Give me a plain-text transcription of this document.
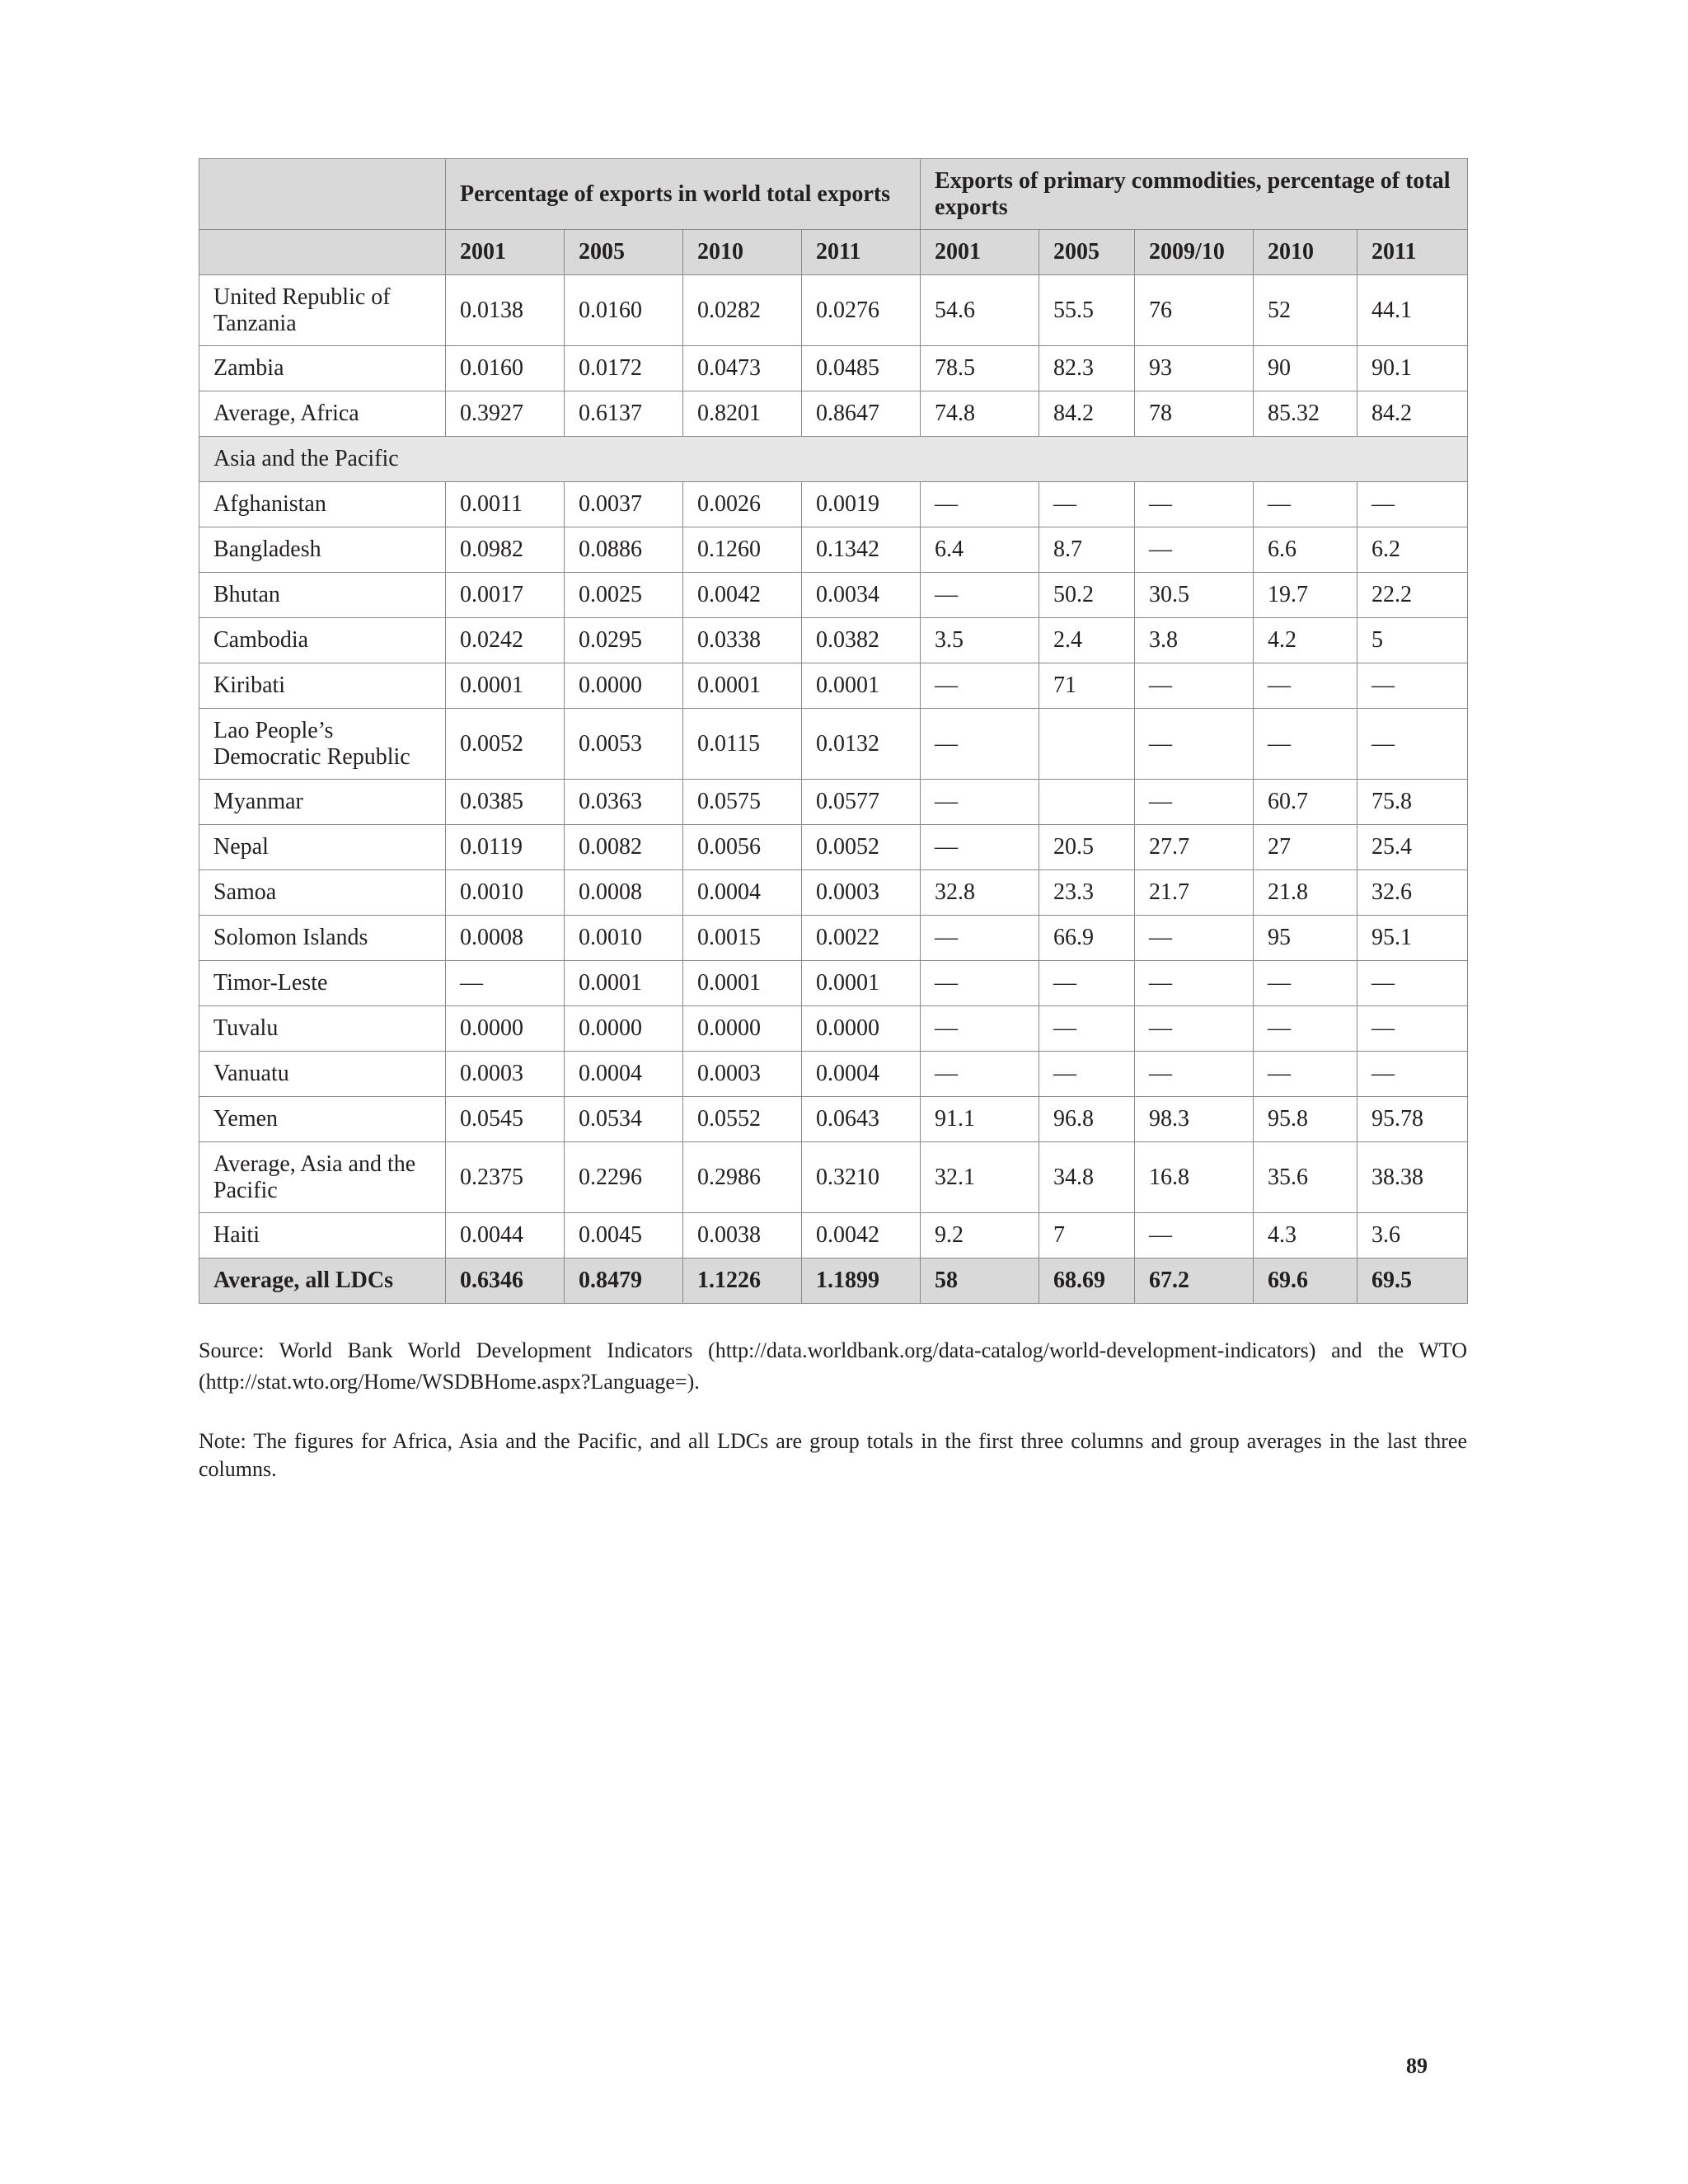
	Percentage of exports in world total exports				Exports of primary commodities, percentage of total exports				
	2001	2005	2010	2011	2001	2005	2009/10	2010	2011
United Republic of Tanzania	0.0138	0.0160	0.0282	0.0276	54.6	55.5	76	52	44.1
Zambia	0.0160	0.0172	0.0473	0.0485	78.5	82.3	93	90	90.1
Average, Africa	0.3927	0.6137	0.8201	0.8647	74.8	84.2	78	85.32	84.2
Asia and the Pacific									
Afghanistan	0.0011	0.0037	0.0026	0.0019	—	—	—	—	—
Bangladesh	0.0982	0.0886	0.1260	0.1342	6.4	8.7	—	6.6	6.2
Bhutan	0.0017	0.0025	0.0042	0.0034	—	50.2	30.5	19.7	22.2
Cambodia	0.0242	0.0295	0.0338	0.0382	3.5	2.4	3.8	4.2	5
Kiribati	0.0001	0.0000	0.0001	0.0001	—	71	—	—	—
Lao People’s Democratic Republic	0.0052	0.0053	0.0115	0.0132	—		—	—	—
Myanmar	0.0385	0.0363	0.0575	0.0577	—		—	60.7	75.8
Nepal	0.0119	0.0082	0.0056	0.0052	—	20.5	27.7	27	25.4
Samoa	0.0010	0.0008	0.0004	0.0003	32.8	23.3	21.7	21.8	32.6
Solomon Islands	0.0008	0.0010	0.0015	0.0022	—	66.9	—	95	95.1
Timor-Leste	—	0.0001	0.0001	0.0001	—	—	—	—	—
Tuvalu	0.0000	0.0000	0.0000	0.0000	—	—	—	—	—
Vanuatu	0.0003	0.0004	0.0003	0.0004	—	—	—	—	—
Yemen	0.0545	0.0534	0.0552	0.0643	91.1	96.8	98.3	95.8	95.78
Average, Asia and the Pacific	0.2375	0.2296	0.2986	0.3210	32.1	34.8	16.8	35.6	38.38
Haiti	0.0044	0.0045	0.0038	0.0042	9.2	7	—	4.3	3.6
Average, all LDCs	0.6346	0.8479	1.1226	1.1899	58	68.69	67.2	69.6	69.5

Source: World Bank World Development Indicators (http://data.worldbank.org/data-catalog/world-development-indicators) and the WTO (http://stat.wto.org/Home/WSDBHome.aspx?Language=).

Note: The figures for Africa, Asia and the Pacific, and all LDCs are group totals in the first three columns and group averages in the last three columns.

89
